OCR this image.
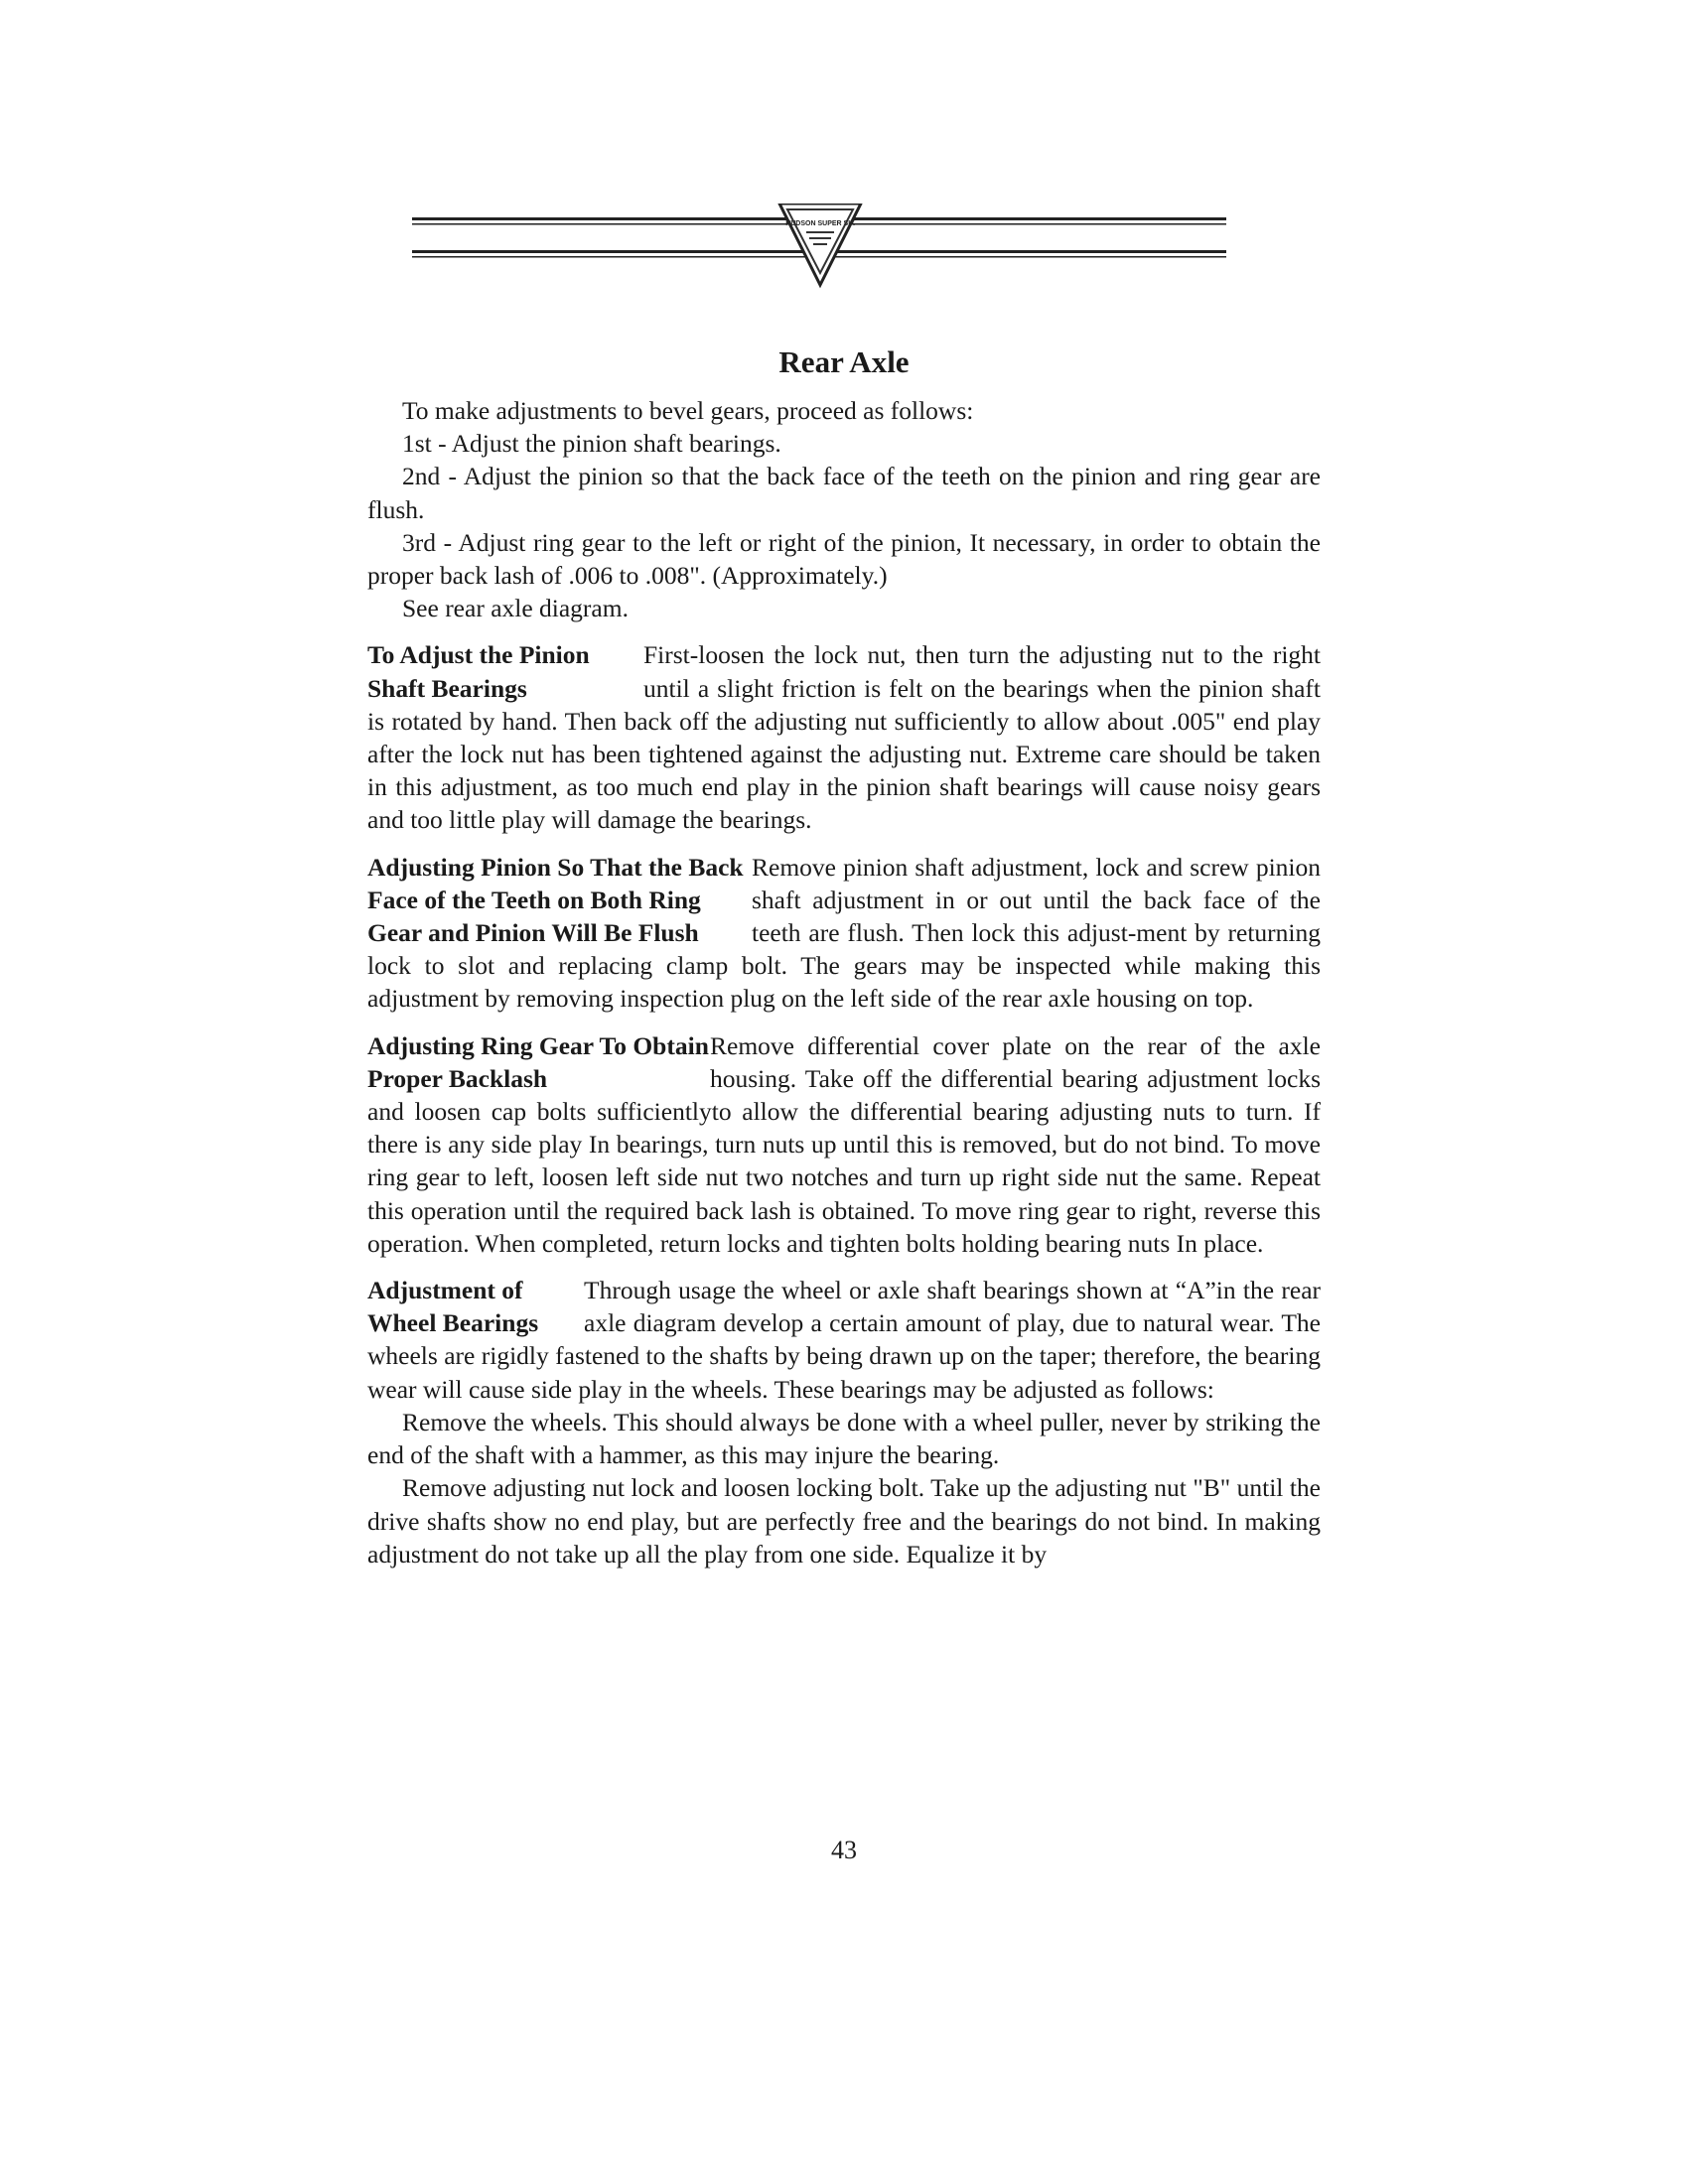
HUDSON SUPER SIX
Rear Axle

To make adjustments to bevel gears, proceed as follows:

1st - Adjust the pinion shaft bearings.

2nd - Adjust the pinion so that the back face of the teeth on the pinion and ring gear are flush.

3rd - Adjust ring gear to the left or right of the pinion, It necessary, in order to obtain the proper back lash of .006 to .008". (Approximately.)

See rear axle diagram.

To Adjust the Pinion Shaft Bearings

First-loosen the lock nut, then turn the adjusting nut to the right until a slight friction is felt on the bearings when the pinion shaft is rotated by hand. Then back off the adjusting nut sufficiently to allow about .005" end play after the lock nut has been tightened against the adjusting nut. Extreme care should be taken in this adjustment, as too much end play in the pinion shaft bearings will cause noisy gears and too little play will damage the bearings.

Adjusting Pinion So That the Back Face of the Teeth on Both Ring Gear and Pinion Will Be Flush

Remove pinion shaft adjustment, lock and screw pinion shaft adjustment in or out until the back face of the teeth are flush. Then lock this adjust-ment by returning lock to slot and replacing clamp bolt. The gears may be inspected while making this adjustment by removing inspection plug on the left side of the rear axle housing on top.

Adjusting Ring Gear To Obtain Proper Backlash

Remove differential cover plate on the rear of the axle housing. Take off the differential bearing adjustment locks and loosen cap bolts sufficientlyto allow the differential bearing adjusting nuts to turn. If there is any side play In bearings, turn nuts up until this is removed, but do not bind. To move ring gear to left, loosen left side nut two notches and turn up right side nut the same. Repeat this operation until the required back lash is obtained. To move ring gear to right, reverse this operation. When completed, return locks and tighten bolts holding bearing nuts In place.

Adjustment of Wheel Bearings

Through usage the wheel or axle shaft bearings shown at “A”in the rear axle diagram develop a certain amount of play, due to natural wear. The wheels are rigidly fastened to the shafts by being drawn up on the taper; therefore, the bearing wear will cause side play in the wheels. These bearings may be adjusted as follows:

Remove the wheels. This should always be done with a wheel puller, never by striking the end of the shaft with a hammer, as this may injure the bearing.

Remove adjusting nut lock and loosen locking bolt. Take up the adjusting nut "B" until the drive shafts show no end play, but are perfectly free and the bearings do not bind. In making adjustment do not take up all the play from one side. Equalize it by

43
